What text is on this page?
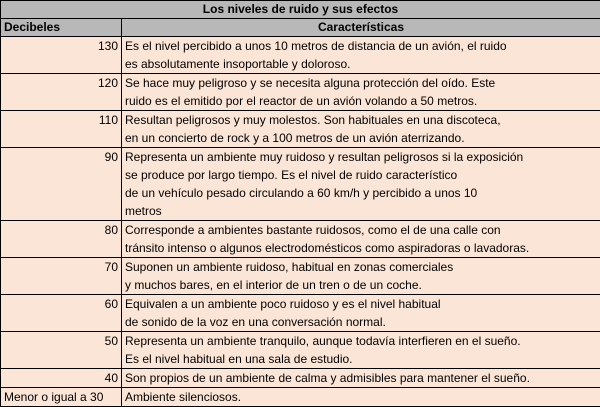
Los niveles de ruido y sus efectos	
Decibeles	Características
130	Es el nivel percibido a unos 10 metros de distancia de un avión, el ruido
es absolutamente insoportable y doloroso.

120	Se hace muy peligroso y se necesita alguna protección del oído. Este
ruido es el emitido por el reactor de un avión volando a 50 metros.

110	Resultan peligrosos y muy molestos. Son habituales en una discoteca,
en un concierto de rock y a 100 metros de un avión aterrizando.

90	Representa un ambiente muy ruidoso y resultan peligrosos si la exposición
se produce por largo tiempo. Es el nivel de ruido característico
de un vehículo pesado circulando a 60 km/h y percibido a unos 10
metros

80	Corresponde a ambientes bastante ruidosos, como el de una calle con
tránsito intenso o algunos electrodomésticos como aspiradoras o lavadoras.

70	Suponen un ambiente ruidoso, habitual en zonas comerciales
y muchos bares, en el interior de un tren o de un coche.

60	Equivalen a un ambiente poco ruidoso y es el nivel habitual
de sonido de la voz en una conversación normal.

50	Representa un ambiente tranquilo, aunque todavía interfieren en el sueño.
Es el nivel habitual en una sala de estudio.

40	Son propios de un ambiente de calma y admisibles para mantener el sueño.

Menor o igual a 30	Ambiente silenciosos.
